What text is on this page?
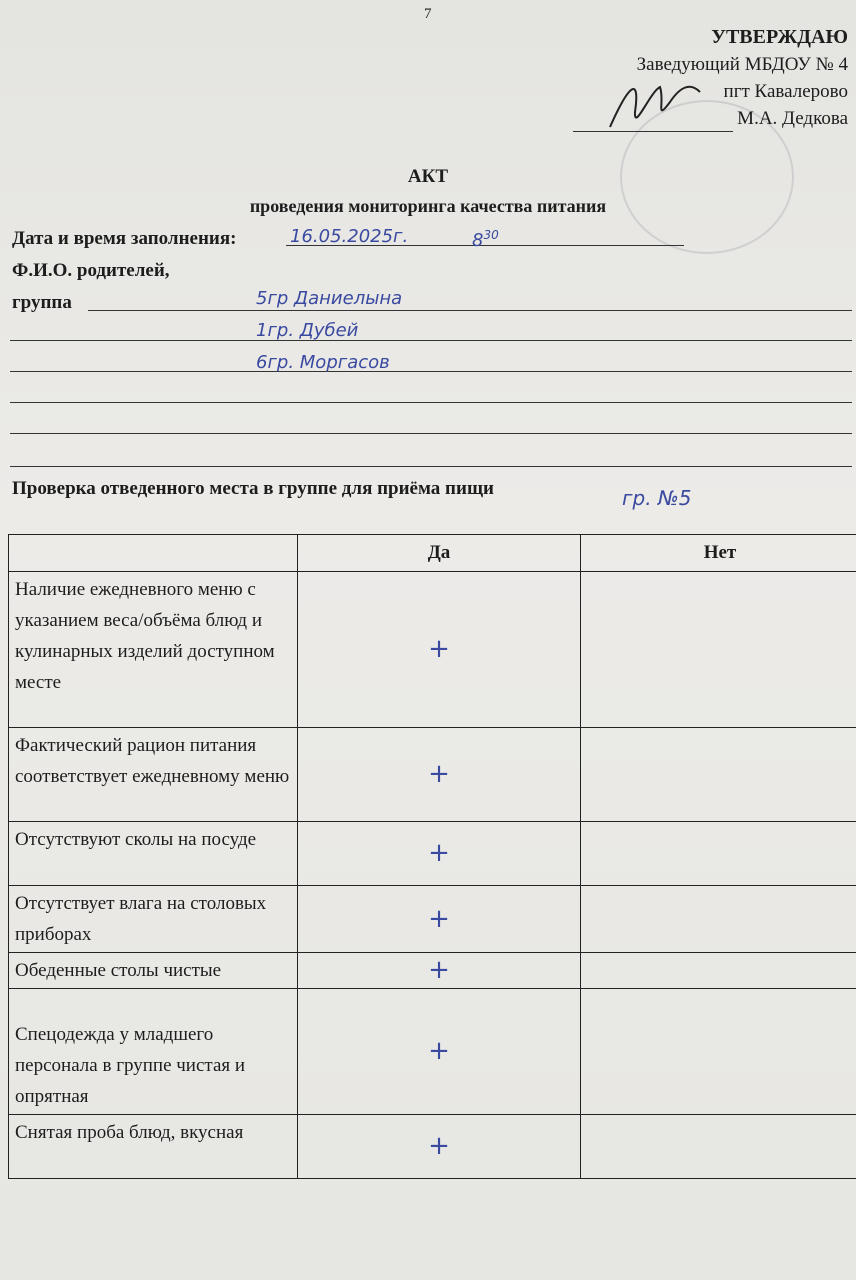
7
УТВЕРЖДАЮ
Заведующий МБДОУ № 4
пгт Кавалерово
М.А. Дедкова
АКТ
проведения мониторинга качества питания
Дата и время заполнения:	16.05.2025г.	$8^{30}$
Ф.И.О. родителей,
группа	5гр Даниелына
1гр. Дубей
6гр. Моргасов
Проверка отведенного места в группе для приёма пищи	гр. №5
	Да	Нет
Наличие ежедневного меню с указанием веса/объёма блюд и кулинарных изделий доступном месте	+	
Фактический рацион питания соответствует ежедневному меню	+	
Отсутствуют сколы на посуде	+	
Отсутствует влага на столовых приборах	+	
Обеденные столы чистые	+	
Спецодежда у младшего персонала в группе чистая и опрятная	+	
Снятая проба блюд, вкусная	+	
